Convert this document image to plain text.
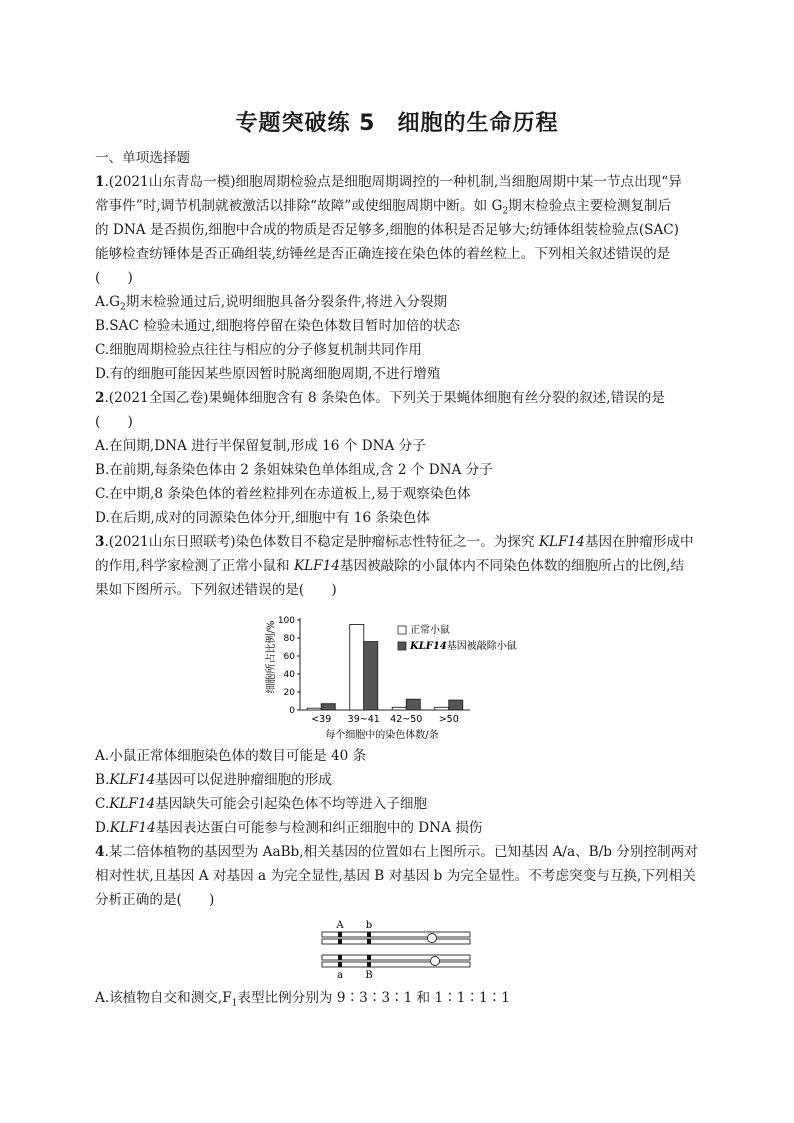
专题突破练 5 细胞的生命历程
一、单项选择题
1.(2021山东青岛一模)细胞周期检验点是细胞周期调控的一种机制,当细胞周期中某一节点出现“异
常事件”时,调节机制就被激活以排除“故障”或使细胞周期中断。如 $G_2$期末检验点主要检测复制后
的 DNA 是否损伤,细胞中合成的物质是否足够多,细胞的体积是否足够大;纺锤体组装检验点(SAC)
能够检查纺锤体是否正确组装,纺锤丝是否正确连接在染色体的着丝粒上。下列相关叙述错误的是
(　　)
$A.G_2$期末检验通过后,说明细胞具备分裂条件,将进入分裂期
B.SAC 检验未通过,细胞将停留在染色体数目暂时加倍的状态
C.细胞周期检验点往往与相应的分子修复机制共同作用
D.有的细胞可能因某些原因暂时脱离细胞周期,不进行增殖
2.(2021全国乙卷)果蝇体细胞含有 8 条染色体。下列关于果蝇体细胞有丝分裂的叙述,错误的是
(　　)
A.在间期,DNA 进行半保留复制,形成 16 个 DNA 分子
B.在前期,每条染色体由 2 条姐妹染色单体组成,含 2 个 DNA 分子
C.在中期,8 条染色体的着丝粒排列在赤道板上,易于观察染色体
D.在后期,成对的同源染色体分开,细胞中有 16 条染色体
3.(2021山东日照联考)染色体数目不稳定是肿瘤标志性特征之一。为探究 KLF14基因在肿瘤形成中
的作用,科学家检测了正常小鼠和 KLF14基因被敲除的小鼠体内不同染色体数的细胞所占的比例,结
果如下图所示。下列叙述错误的是(　　)
细胞所占比例/%
0
20
40
60
80
100
<39 39~41 42~50 >50
每个细胞中的染色体数/条
正常小鼠
KLF14基因被敲除小鼠
A.小鼠正常体细胞染色体的数目可能是 40 条
B.KLF14基因可以促进肿瘤细胞的形成
C.KLF14基因缺失可能会引起染色体不均等进入子细胞
D.KLF14基因表达蛋白可能参与检测和纠正细胞中的 DNA 损伤
4.某二倍体植物的基因型为 AaBb,相关基因的位置如右上图所示。已知基因 A/a、B/b 分别控制两对
相对性状,且基因 A 对基因 a 为完全显性,基因 B 对基因 b 为完全显性。不考虑突变与互换,下列相关
分析正确的是(　　)
A b
a B
A.该植物自交和测交$,F_1$表型比例分别为 9∶3∶3∶1 和 1∶1∶1∶1
